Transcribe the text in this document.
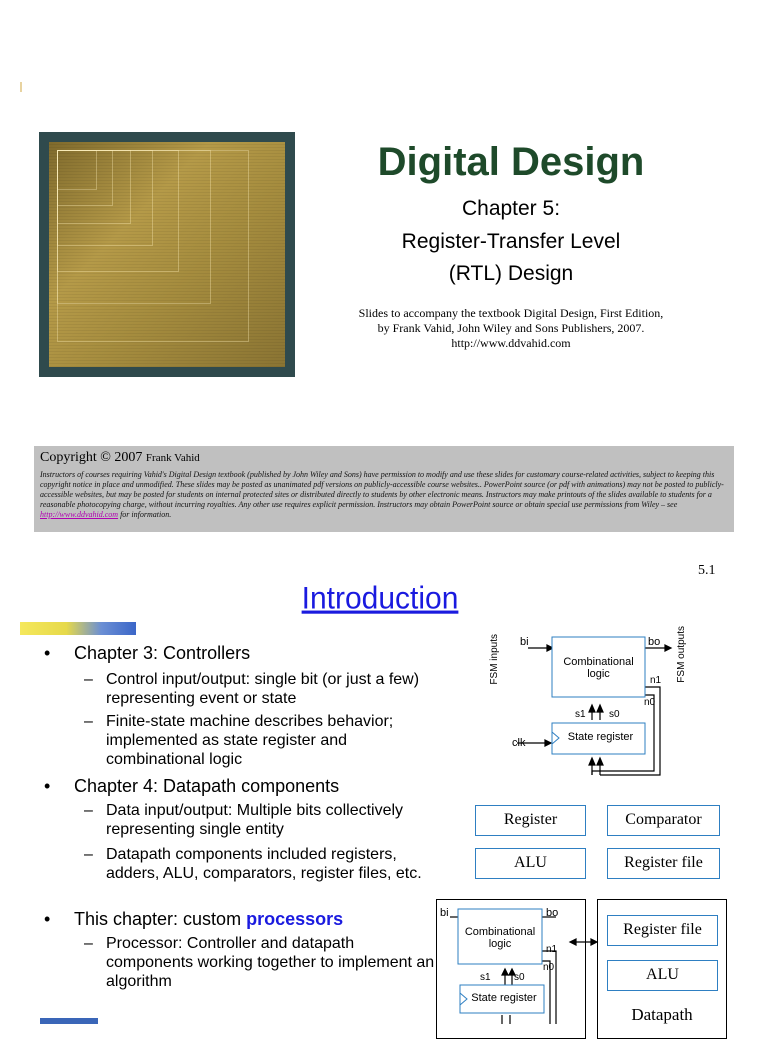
Digital Design
Chapter 5:
Register-Transfer Level
(RTL) Design
Slides to accompany the textbook Digital Design, First Edition,
by Frank Vahid, John Wiley and Sons Publishers, 2007.
http://www.ddvahid.com
Copyright © 2007 Frank Vahid
Instructors of courses requiring Vahid's Digital Design textbook (published by John Wiley and Sons) have permission to modify and use these slides for customary course-related activities, subject to keeping this copyright notice in place and unmodified. These slides may be posted as unanimated pdf versions on publicly-accessible course websites.. PowerPoint source (or pdf with animations) may not be posted to publicly-accessible websites, but may be posted for students on internal protected sites or distributed directly to students by other electronic means. Instructors may make printouts of the slides available to students for a reasonable photocopying charge, without incurring royalties. Any other use requires explicit permission. Instructors may obtain PowerPoint source or obtain special use permissions from Wiley – see http://www.ddvahid.com for information.
5.1
Introduction
• Chapter 3: Controllers
– Control input/output: single bit (or just a few) representing event or state
– Finite-state machine describes behavior; implemented as state register and combinational logic
• Chapter 4: Datapath components
– Data input/output: Multiple bits collectively representing single entity
– Datapath components included registers, adders, ALU, comparators, register files, etc.
• This chapter: custom processors
– Processor: Controller and datapath components working together to implement an algorithm
bi	bo
Combinational logic
State register
clk
s1 s0
n1
n0
FSM inputs	FSM outputs
Register	Comparator
ALU	Register file
bi	bo
Combinational logic
State register
s1 s0
n1
n0
Register file
ALU
Datapath
